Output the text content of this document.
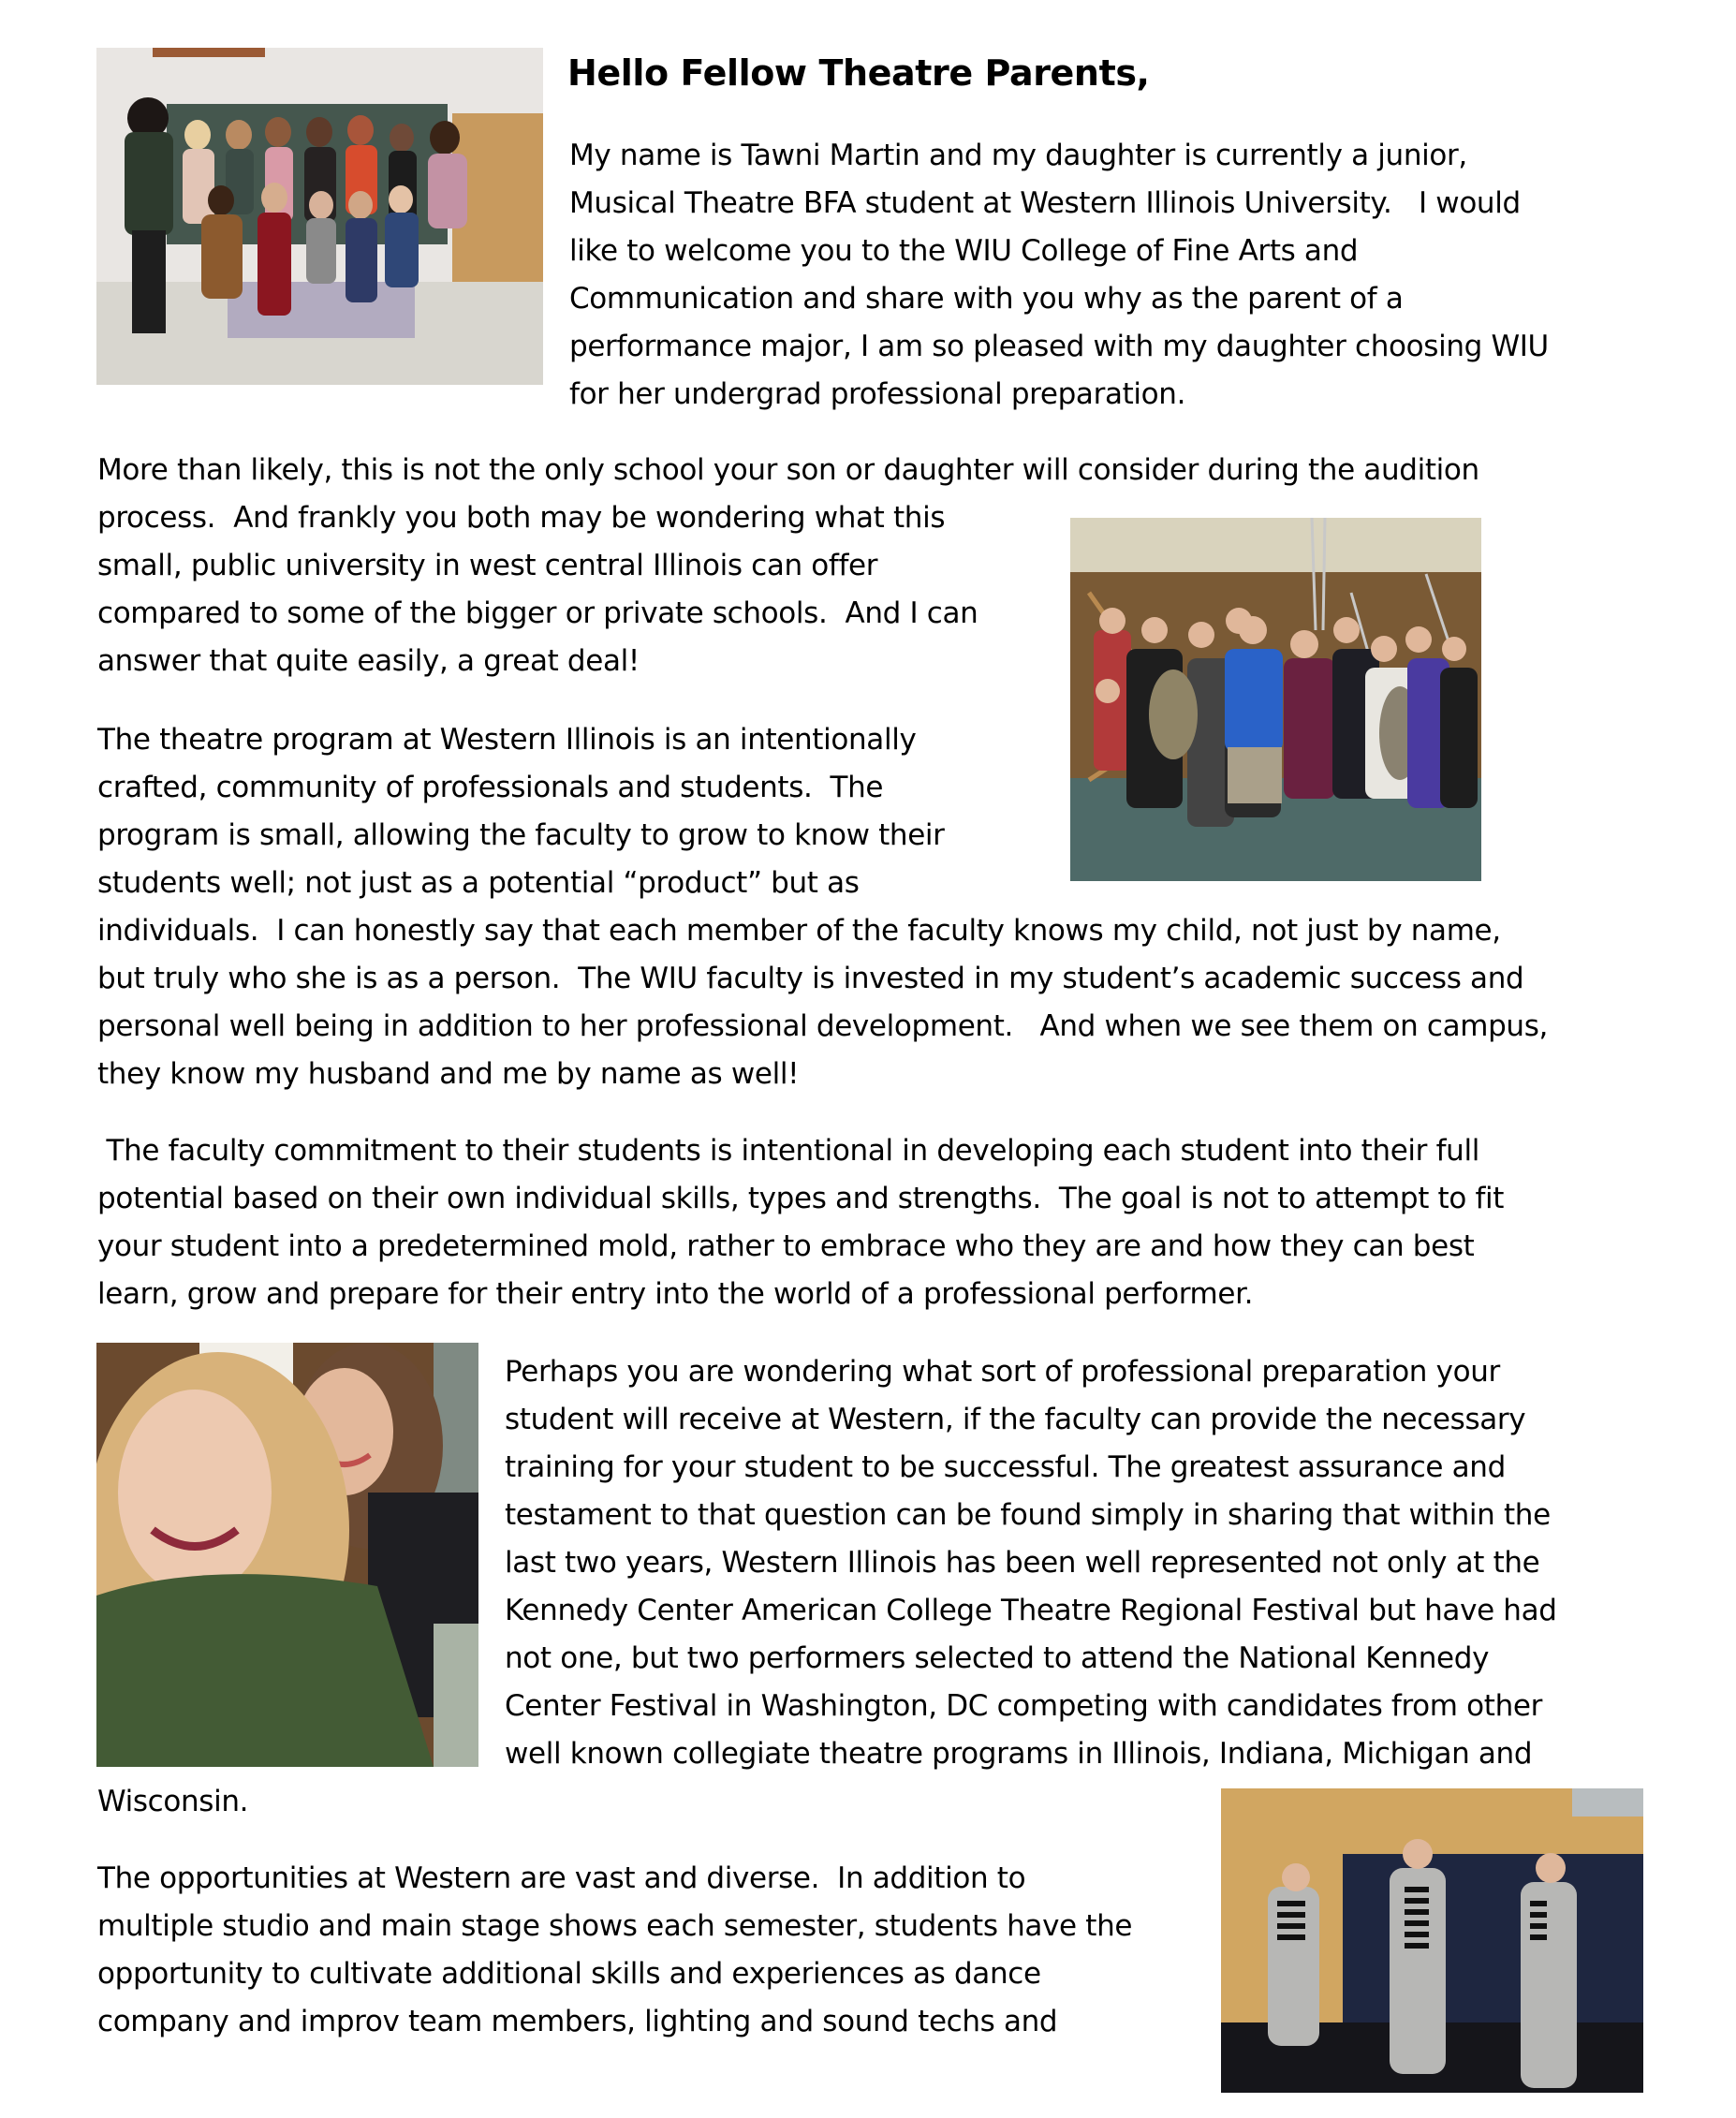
Hello Fellow Theatre Parents,
My name is Tawni Martin and my daughter is currently a junior,
Musical Theatre BFA student at Western Illinois University.   I would
like to welcome you to the WIU College of Fine Arts and
Communication and share with you why as the parent of a
performance major, I am so pleased with my daughter choosing WIU
for her undergrad professional preparation.
More than likely, this is not the only school your son or daughter will consider during the audition
process.  And frankly you both may be wondering what this
small, public university in west central Illinois can offer
compared to some of the bigger or private schools.  And I can
answer that quite easily, a great deal!
The theatre program at Western Illinois is an intentionally
crafted, community of professionals and students.  The
program is small, allowing the faculty to grow to know their
students well; not just as a potential “product” but as
individuals.  I can honestly say that each member of the faculty knows my child, not just by name,
but truly who she is as a person.  The WIU faculty is invested in my student’s academic success and
personal well being in addition to her professional development.   And when we see them on campus,
they know my husband and me by name as well!
The faculty commitment to their students is intentional in developing each student into their full
potential based on their own individual skills, types and strengths.  The goal is not to attempt to fit
your student into a predetermined mold, rather to embrace who they are and how they can best
learn, grow and prepare for their entry into the world of a professional performer.
Perhaps you are wondering what sort of professional preparation your
student will receive at Western, if the faculty can provide the necessary
training for your student to be successful. The greatest assurance and
testament to that question can be found simply in sharing that within the
last two years, Western Illinois has been well represented not only at the
Kennedy Center American College Theatre Regional Festival but have had
not one, but two performers selected to attend the National Kennedy
Center Festival in Washington, DC competing with candidates from other
well known collegiate theatre programs in Illinois, Indiana, Michigan and
Wisconsin.
The opportunities at Western are vast and diverse.  In addition to
multiple studio and main stage shows each semester, students have the
opportunity to cultivate additional skills and experiences as dance
company and improv team members, lighting and sound techs and
